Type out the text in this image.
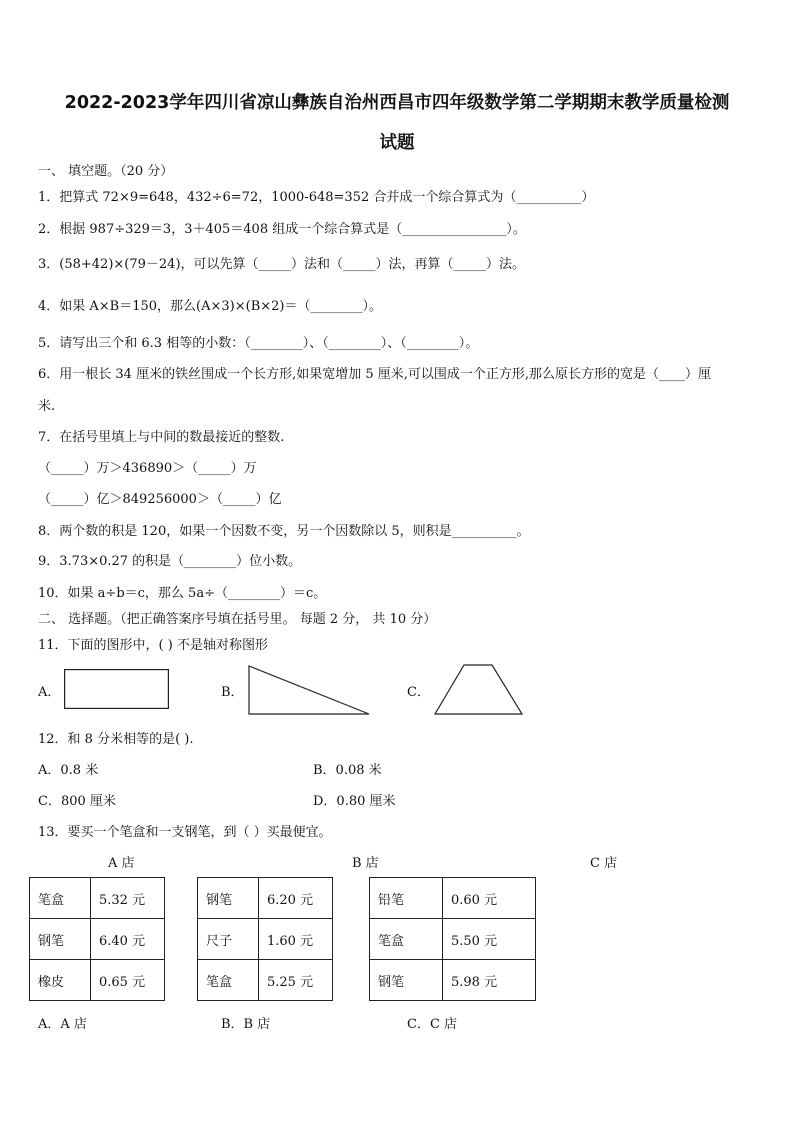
2022-2023学年四川省凉山彝族自治州西昌市四年级数学第二学期期末教学质量检测
试题
一、 填空题。（20 分）
1．把算式 72×9=648，432÷6=72，1000-648=352 合并成一个综合算式为（__________）
2．根据 987÷329＝3，3＋405＝408 组成一个综合算式是（________________）。
3．(58+42)×(79－24)，可以先算（_____）法和（_____）法，再算（_____）法。
4．如果 A×B＝150，那么(A×3)×(B×2)＝（________）。
5．请写出三个和 6.3 相等的小数：（________）、（________）、（________）。
6．用一根长 34 厘米的铁丝围成一个长方形,如果宽增加 5 厘米,可以围成一个正方形,那么原长方形的宽是（____）厘
米.
7．在括号里填上与中间的数最接近的整数.
（_____）万＞436890＞（_____）万
（_____）亿＞849256000＞（_____）亿
8．两个数的积是 120，如果一个因数不变，另一个因数除以 5，则积是__________。
9．3.73×0.27 的积是（________）位小数。
10．如果 a÷b＝c，那么 5a÷（________）＝c。
二、 选择题。（把正确答案序号填在括号里。 每题 2 分， 共 10 分）
11．下面的图形中，( ) 不是轴对称图形
A．	B．	C．
12．和 8 分米相等的是( ).
A．0.8 米	B．0.08 米
C．800 厘米	D．0.80 厘米
13．要买一个笔盒和一支钢笔，到（ ）买最便宜。
A 店	B 店	C 店
笔盒	5.32 元
钢笔	6.40 元
橡皮	0.65 元
钢笔	6.20 元
尺子	1.60 元
笔盒	5.25 元
铅笔	0.60 元
笔盒	5.50 元
钢笔	5.98 元
A．A 店	B．B 店	C．C 店
